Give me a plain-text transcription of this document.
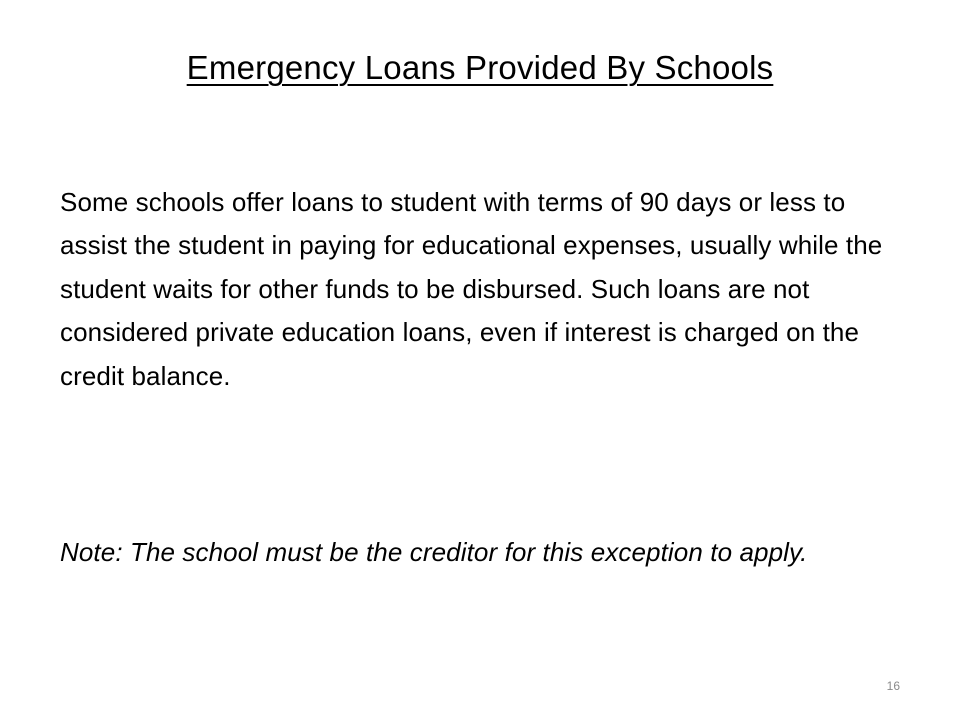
Emergency Loans Provided By Schools
Some schools offer loans to student with terms of 90 days or less to assist the student in paying for educational expenses, usually while the student waits for other funds to be disbursed. Such loans are not considered private education loans, even if interest is charged on the credit balance.
Note: The school must be the creditor for this exception to apply.
16
